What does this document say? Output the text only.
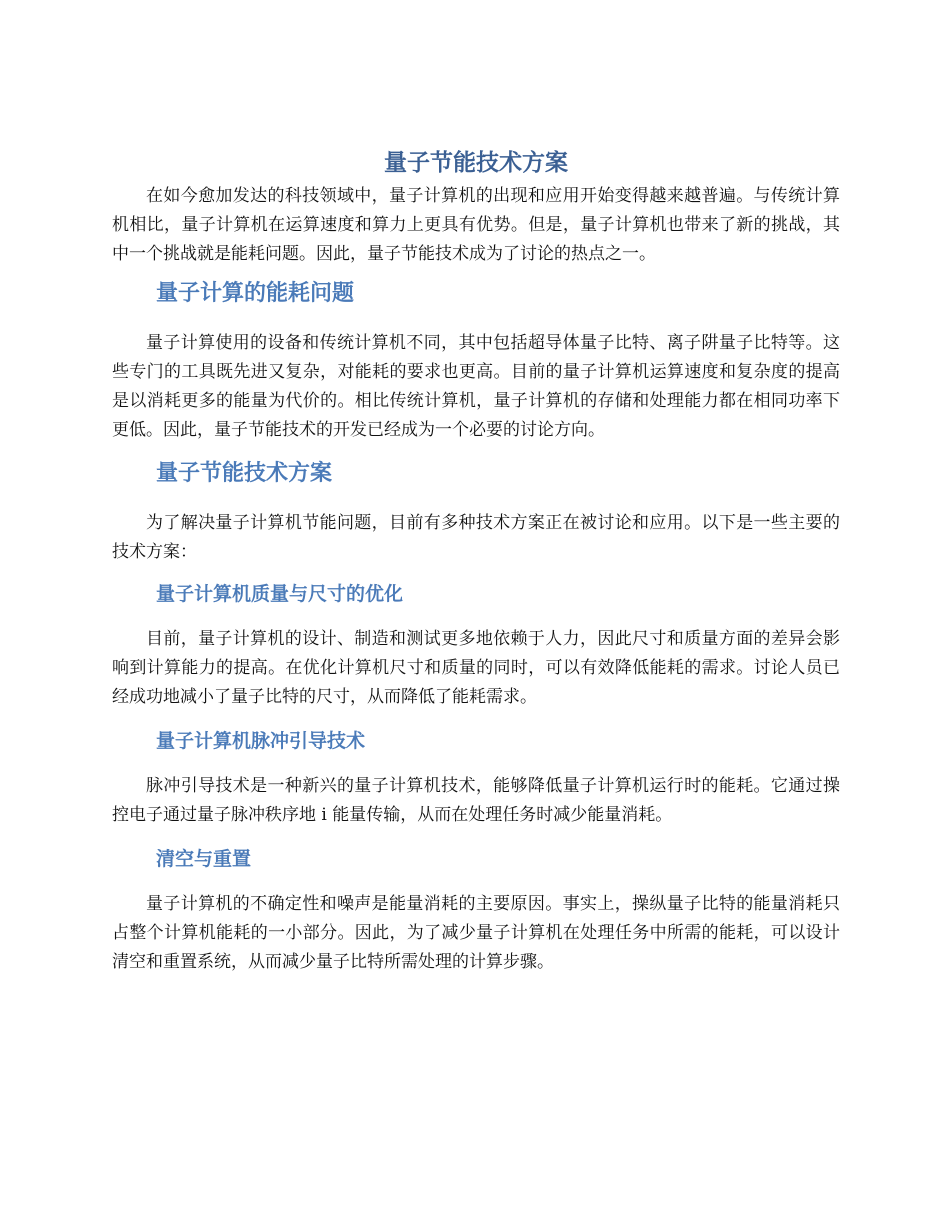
量子节能技术方案

在如今愈加发达的科技领域中，量子计算机的出现和应用开始变得越来越普遍。与传统计算机相比，量子计算机在运算速度和算力上更具有优势。但是，量子计算机也带来了新的挑战，其中一个挑战就是能耗问题。因此，量子节能技术成为了讨论的热点之一。

量子计算的能耗问题

量子计算使用的设备和传统计算机不同，其中包括超导体量子比特、离子阱量子比特等。这些专门的工具既先进又复杂，对能耗的要求也更高。目前的量子计算机运算速度和复杂度的提高是以消耗更多的能量为代价的。相比传统计算机，量子计算机的存储和处理能力都在相同功率下更低。因此，量子节能技术的开发已经成为一个必要的讨论方向。

量子节能技术方案

为了解决量子计算机节能问题，目前有多种技术方案正在被讨论和应用。以下是一些主要的技术方案：

量子计算机质量与尺寸的优化

目前，量子计算机的设计、制造和测试更多地依赖于人力，因此尺寸和质量方面的差异会影响到计算能力的提高。在优化计算机尺寸和质量的同时，可以有效降低能耗的需求。讨论人员已经成功地减小了量子比特的尺寸，从而降低了能耗需求。

量子计算机脉冲引导技术

脉冲引导技术是一种新兴的量子计算机技术，能够降低量子计算机运行时的能耗。它通过操控电子通过量子脉冲秩序地 i 能量传输，从而在处理任务时减少能量消耗。

清空与重置

量子计算机的不确定性和噪声是能量消耗的主要原因。事实上，操纵量子比特的能量消耗只占整个计算机能耗的一小部分。因此，为了减少量子计算机在处理任务中所需的能耗，可以设计清空和重置系统，从而减少量子比特所需处理的计算步骤。
